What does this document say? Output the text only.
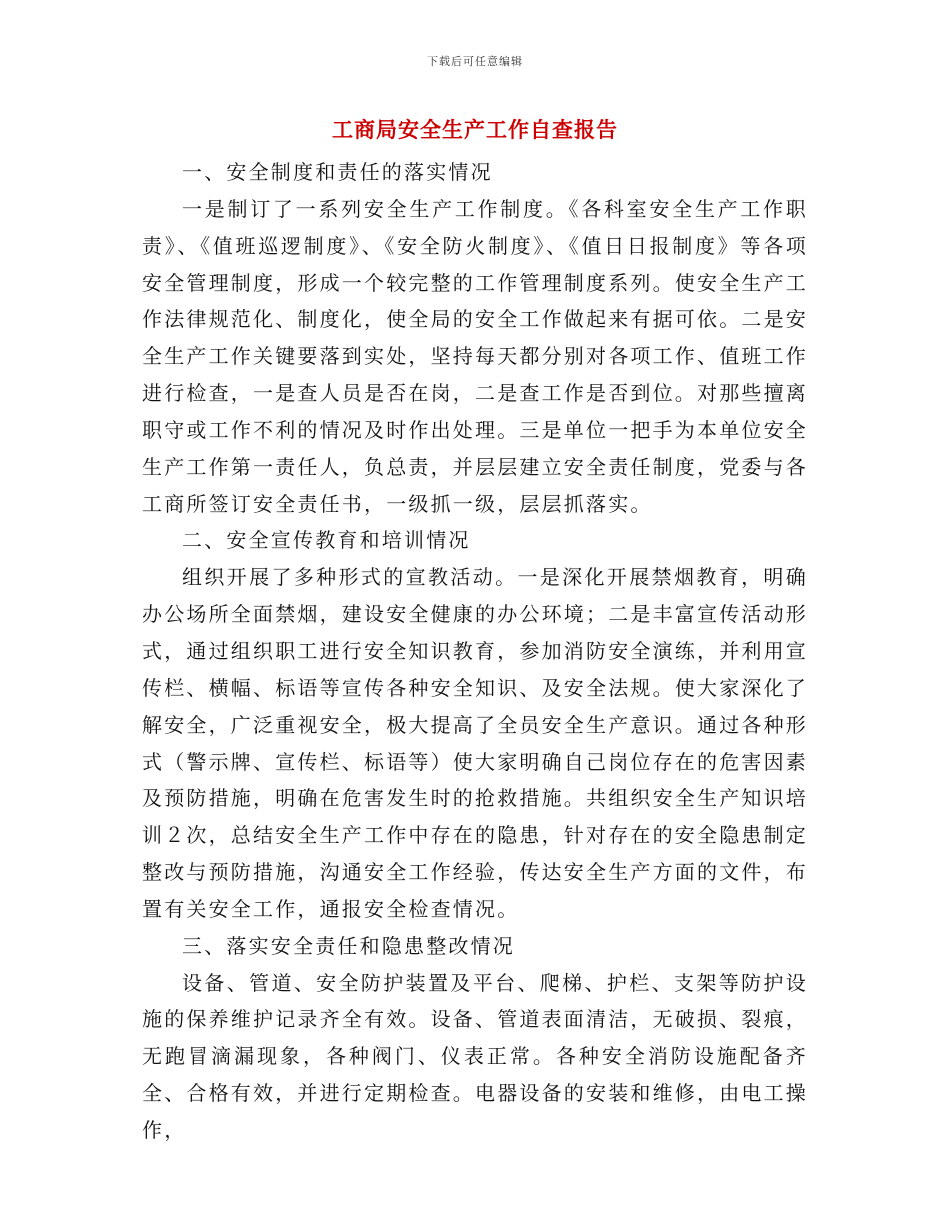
下载后可任意编辑
工商局安全生产工作自查报告

一、安全制度和责任的落实情况

一是制订了一系列安全生产工作制度。《各科室安全生产工作职责》、《值班巡逻制度》、《安全防火制度》、《值日日报制度》等各项安全管理制度，形成一个较完整的工作管理制度系列。使安全生产工作法律规范化、制度化，使全局的安全工作做起来有据可依。二是安全生产工作关键要落到实处，坚持每天都分别对各项工作、值班工作进行检查，一是查人员是否在岗，二是查工作是否到位。对那些擅离职守或工作不利的情况及时作出处理。三是单位一把手为本单位安全生产工作第一责任人，负总责，并层层建立安全责任制度，党委与各工商所签订安全责任书，一级抓一级，层层抓落实。

二、安全宣传教育和培训情况

组织开展了多种形式的宣教活动。一是深化开展禁烟教育，明确办公场所全面禁烟，建设安全健康的办公环境；二是丰富宣传活动形式，通过组织职工进行安全知识教育，参加消防安全演练，并利用宣传栏、横幅、标语等宣传各种安全知识、及安全法规。使大家深化了解安全，广泛重视安全，极大提高了全员安全生产意识。通过各种形式（警示牌、宣传栏、标语等）使大家明确自己岗位存在的危害因素及预防措施，明确在危害发生时的抢救措施。共组织安全生产知识培训２次，总结安全生产工作中存在的隐患，针对存在的安全隐患制定整改与预防措施，沟通安全工作经验，传达安全生产方面的文件，布置有关安全工作，通报安全检查情况。

三、落实安全责任和隐患整改情况

设备、管道、安全防护装置及平台、爬梯、护栏、支架等防护设施的保养维护记录齐全有效。设备、管道表面清洁，无破损、裂痕，无跑冒滴漏现象，各种阀门、仪表正常。各种安全消防设施配备齐全、合格有效，并进行定期检查。电器设备的安装和维修，由电工操作，
